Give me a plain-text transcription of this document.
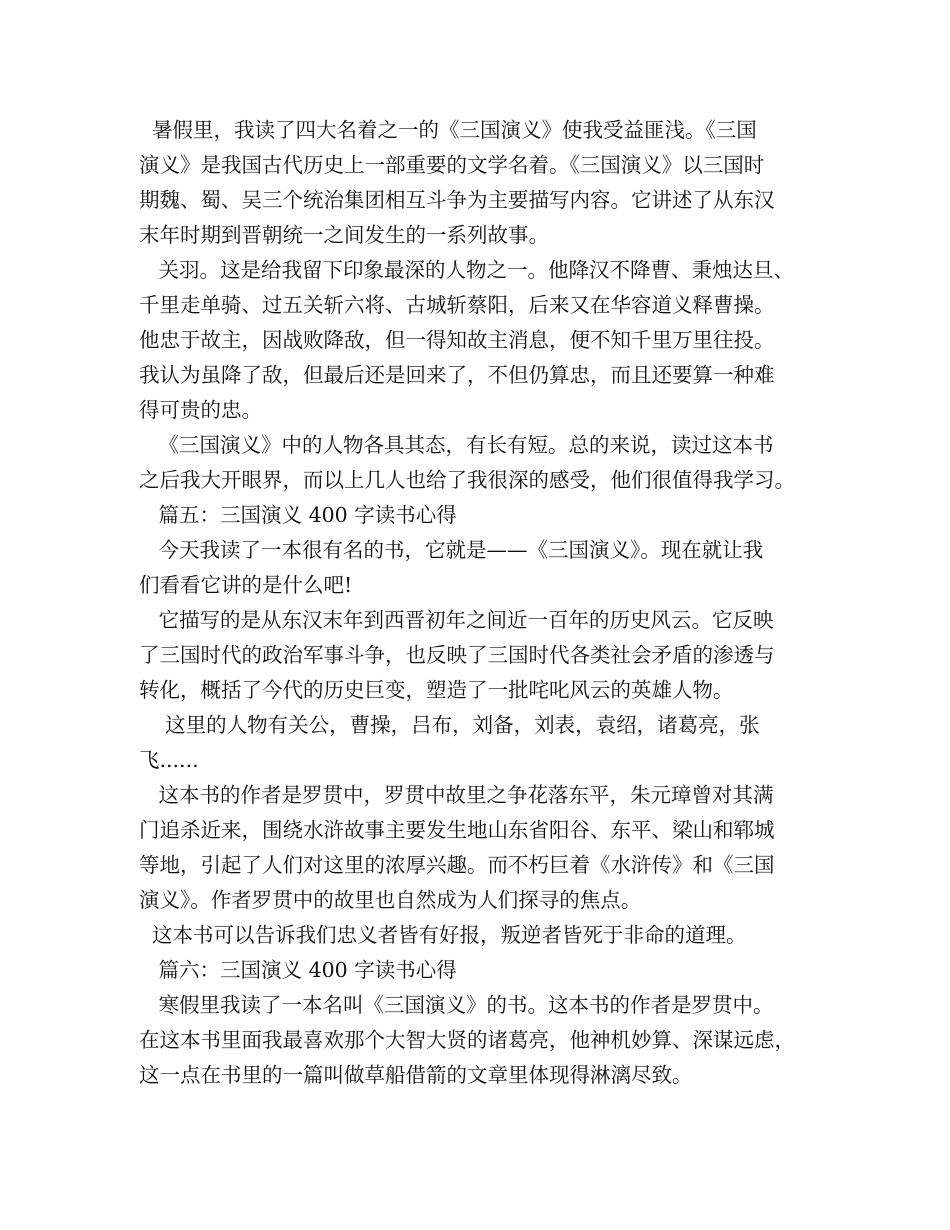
暑假里，我读了四大名着之一的《三国演义》使我受益匪浅。《三国
演义》是我国古代历史上一部重要的文学名着。《三国演义》以三国时
期魏、蜀、吴三个统治集团相互斗争为主要描写内容。它讲述了从东汉
末年时期到晋朝统一之间发生的一系列故事。
关羽。这是给我留下印象最深的人物之一。他降汉不降曹、秉烛达旦、
千里走单骑、过五关斩六将、古城斩蔡阳，后来又在华容道义释曹操。
他忠于故主，因战败降敌，但一得知故主消息，便不知千里万里往投。
我认为虽降了敌，但最后还是回来了，不但仍算忠，而且还要算一种难
得可贵的忠。
《三国演义》中的人物各具其态，有长有短。总的来说，读过这本书
之后我大开眼界，而以上几人也给了我很深的感受，他们很值得我学习。
篇五：三国演义 400 字读书心得
今天我读了一本很有名的书，它就是——《三国演义》。现在就让我
们看看它讲的是什么吧!
它描写的是从东汉末年到西晋初年之间近一百年的历史风云。它反映
了三国时代的政治军事斗争，也反映了三国时代各类社会矛盾的渗透与
转化，概括了今代的历史巨变，塑造了一批咤叱风云的英雄人物。
这里的人物有关公，曹操，吕布，刘备，刘表，袁绍，诸葛亮，张
飞......
这本书的作者是罗贯中，罗贯中故里之争花落东平，朱元璋曾对其满
门追杀近来，围绕水浒故事主要发生地山东省阳谷、东平、梁山和郓城
等地，引起了人们对这里的浓厚兴趣。而不朽巨着《水浒传》和《三国
演义》。作者罗贯中的故里也自然成为人们探寻的焦点。
这本书可以告诉我们忠义者皆有好报，叛逆者皆死于非命的道理。
篇六：三国演义 400 字读书心得
寒假里我读了一本名叫《三国演义》的书。这本书的作者是罗贯中。
在这本书里面我最喜欢那个大智大贤的诸葛亮，他神机妙算、深谋远虑，
这一点在书里的一篇叫做草船借箭的文章里体现得淋漓尽致。
